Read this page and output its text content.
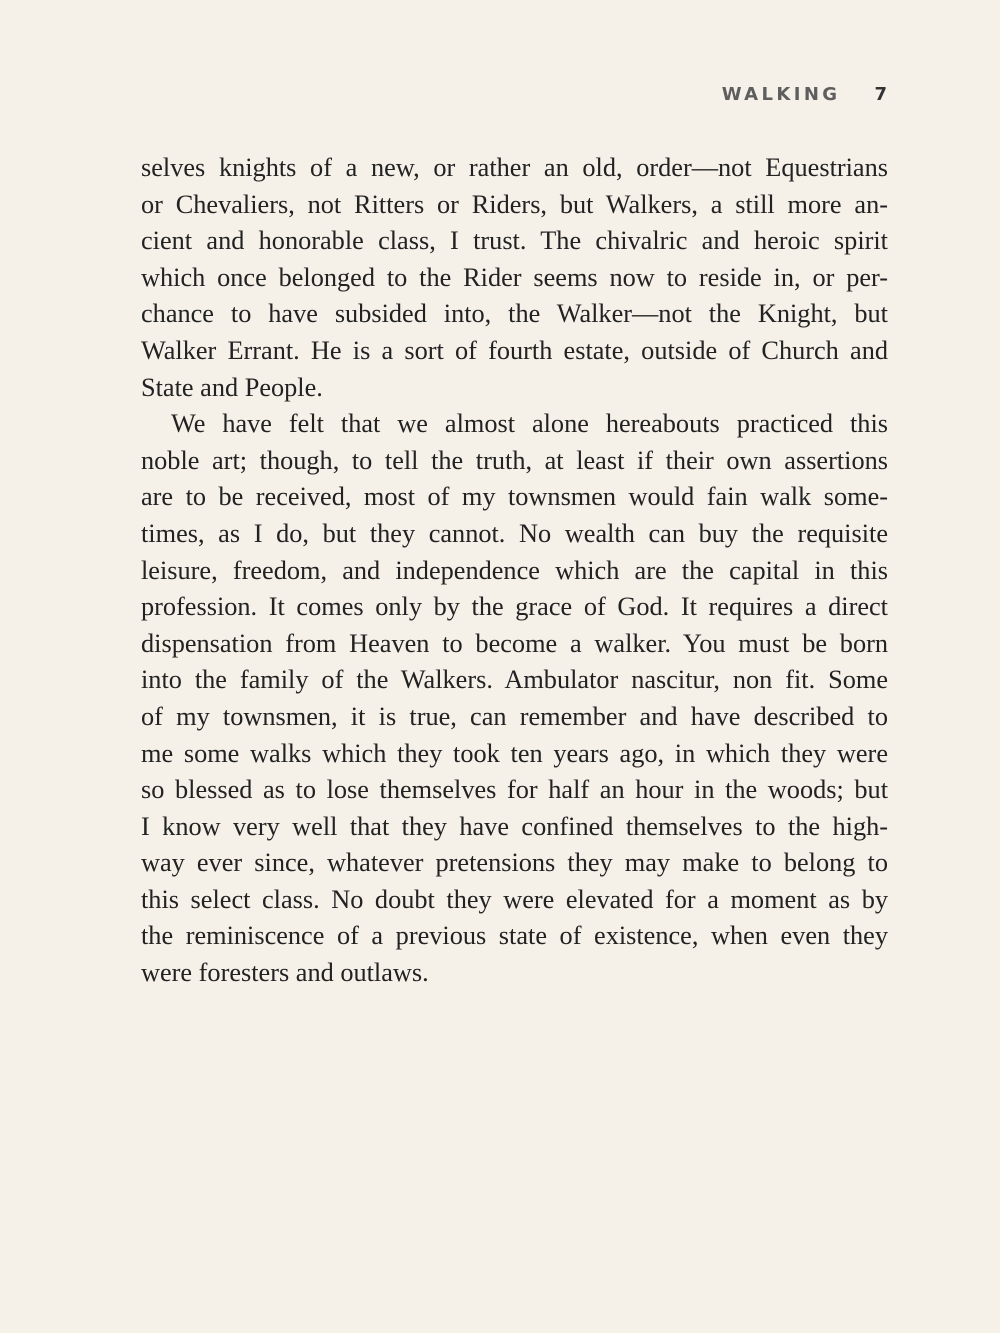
WALKING 7
selves knights of a new, or rather an old, order—not Equestrians
or Chevaliers, not Ritters or Riders, but Walkers, a still more an-
cient and honorable class, I trust. The chivalric and heroic spirit
which once belonged to the Rider seems now to reside in, or per-
chance to have subsided into, the Walker—not the Knight, but
Walker Errant. He is a sort of fourth estate, outside of Church and
State and People.
We have felt that we almost alone hereabouts practiced this
noble art; though, to tell the truth, at least if their own assertions
are to be received, most of my townsmen would fain walk some-
times, as I do, but they cannot. No wealth can buy the requisite
leisure, freedom, and independence which are the capital in this
profession. It comes only by the grace of God. It requires a direct
dispensation from Heaven to become a walker. You must be born
into the family of the Walkers. Ambulator nascitur, non fit. Some
of my townsmen, it is true, can remember and have described to
me some walks which they took ten years ago, in which they were
so blessed as to lose themselves for half an hour in the woods; but
I know very well that they have confined themselves to the high-
way ever since, whatever pretensions they may make to belong to
this select class. No doubt they were elevated for a moment as by
the reminiscence of a previous state of existence, when even they
were foresters and outlaws.
